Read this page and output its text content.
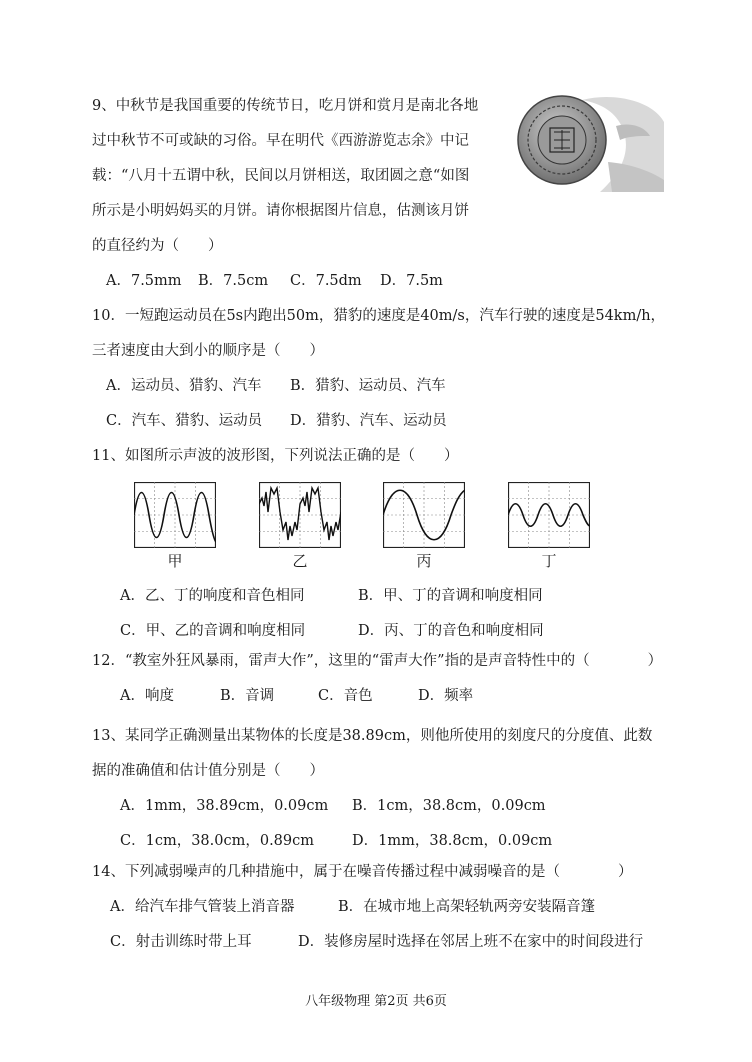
9、中秋节是我国重要的传统节日，吃月饼和赏月是南北各地
过中秋节不可或缺的习俗。早在明代《西游游览志余》中记
载：“八月十五谓中秋，民间以月饼相送，取团圆之意“如图
所示是小明妈妈买的月饼。请你根据图片信息，估测该月饼
的直径约为（　　）
A．7.5mm B．7.5cm C．7.5dm D．7.5m
10．一短跑运动员在5s内跑出50m，猎豹的速度是40m/s，汽车行驶的速度是54km/h，
三者速度由大到小的顺序是（　　）
A．运动员、猎豹、汽车 B．猎豹、运动员、汽车
C．汽车、猎豹、运动员 D．猎豹、汽车、运动员
11、如图所示声波的波形图，下列说法正确的是（　　）
甲	乙	丙	丁
A．乙、丁的响度和音色相同	B．甲、丁的音调和响度相同
C．甲、乙的音调和响度相同	D．丙、丁的音色和响度相同
12．“教室外狂风暴雨，雷声大作”，这里的“雷声大作”指的是声音特性中的（　　　　）
A．响度	B．音调	C．音色	D．频率
13、某同学正确测量出某物体的长度是38.89cm，则他所使用的刻度尺的分度值、此数
据的准确值和估计值分别是（　　）
A．1mm，38.89cm，0.09cm B．1cm，38.8cm，0.09cm
C．1cm，38.0cm，0.89cm	D．1mm，38.8cm，0.09cm
14、下列减弱噪声的几种措施中，属于在噪音传播过程中减弱噪音的是（　　　　）
A．给汽车排气管装上消音器	B．在城市地上高架轻轨两旁安装隔音篷
C．射击训练时带上耳	D．装修房屋时选择在邻居上班不在家中的时间段进行
八年级物理 第2页 共6页
